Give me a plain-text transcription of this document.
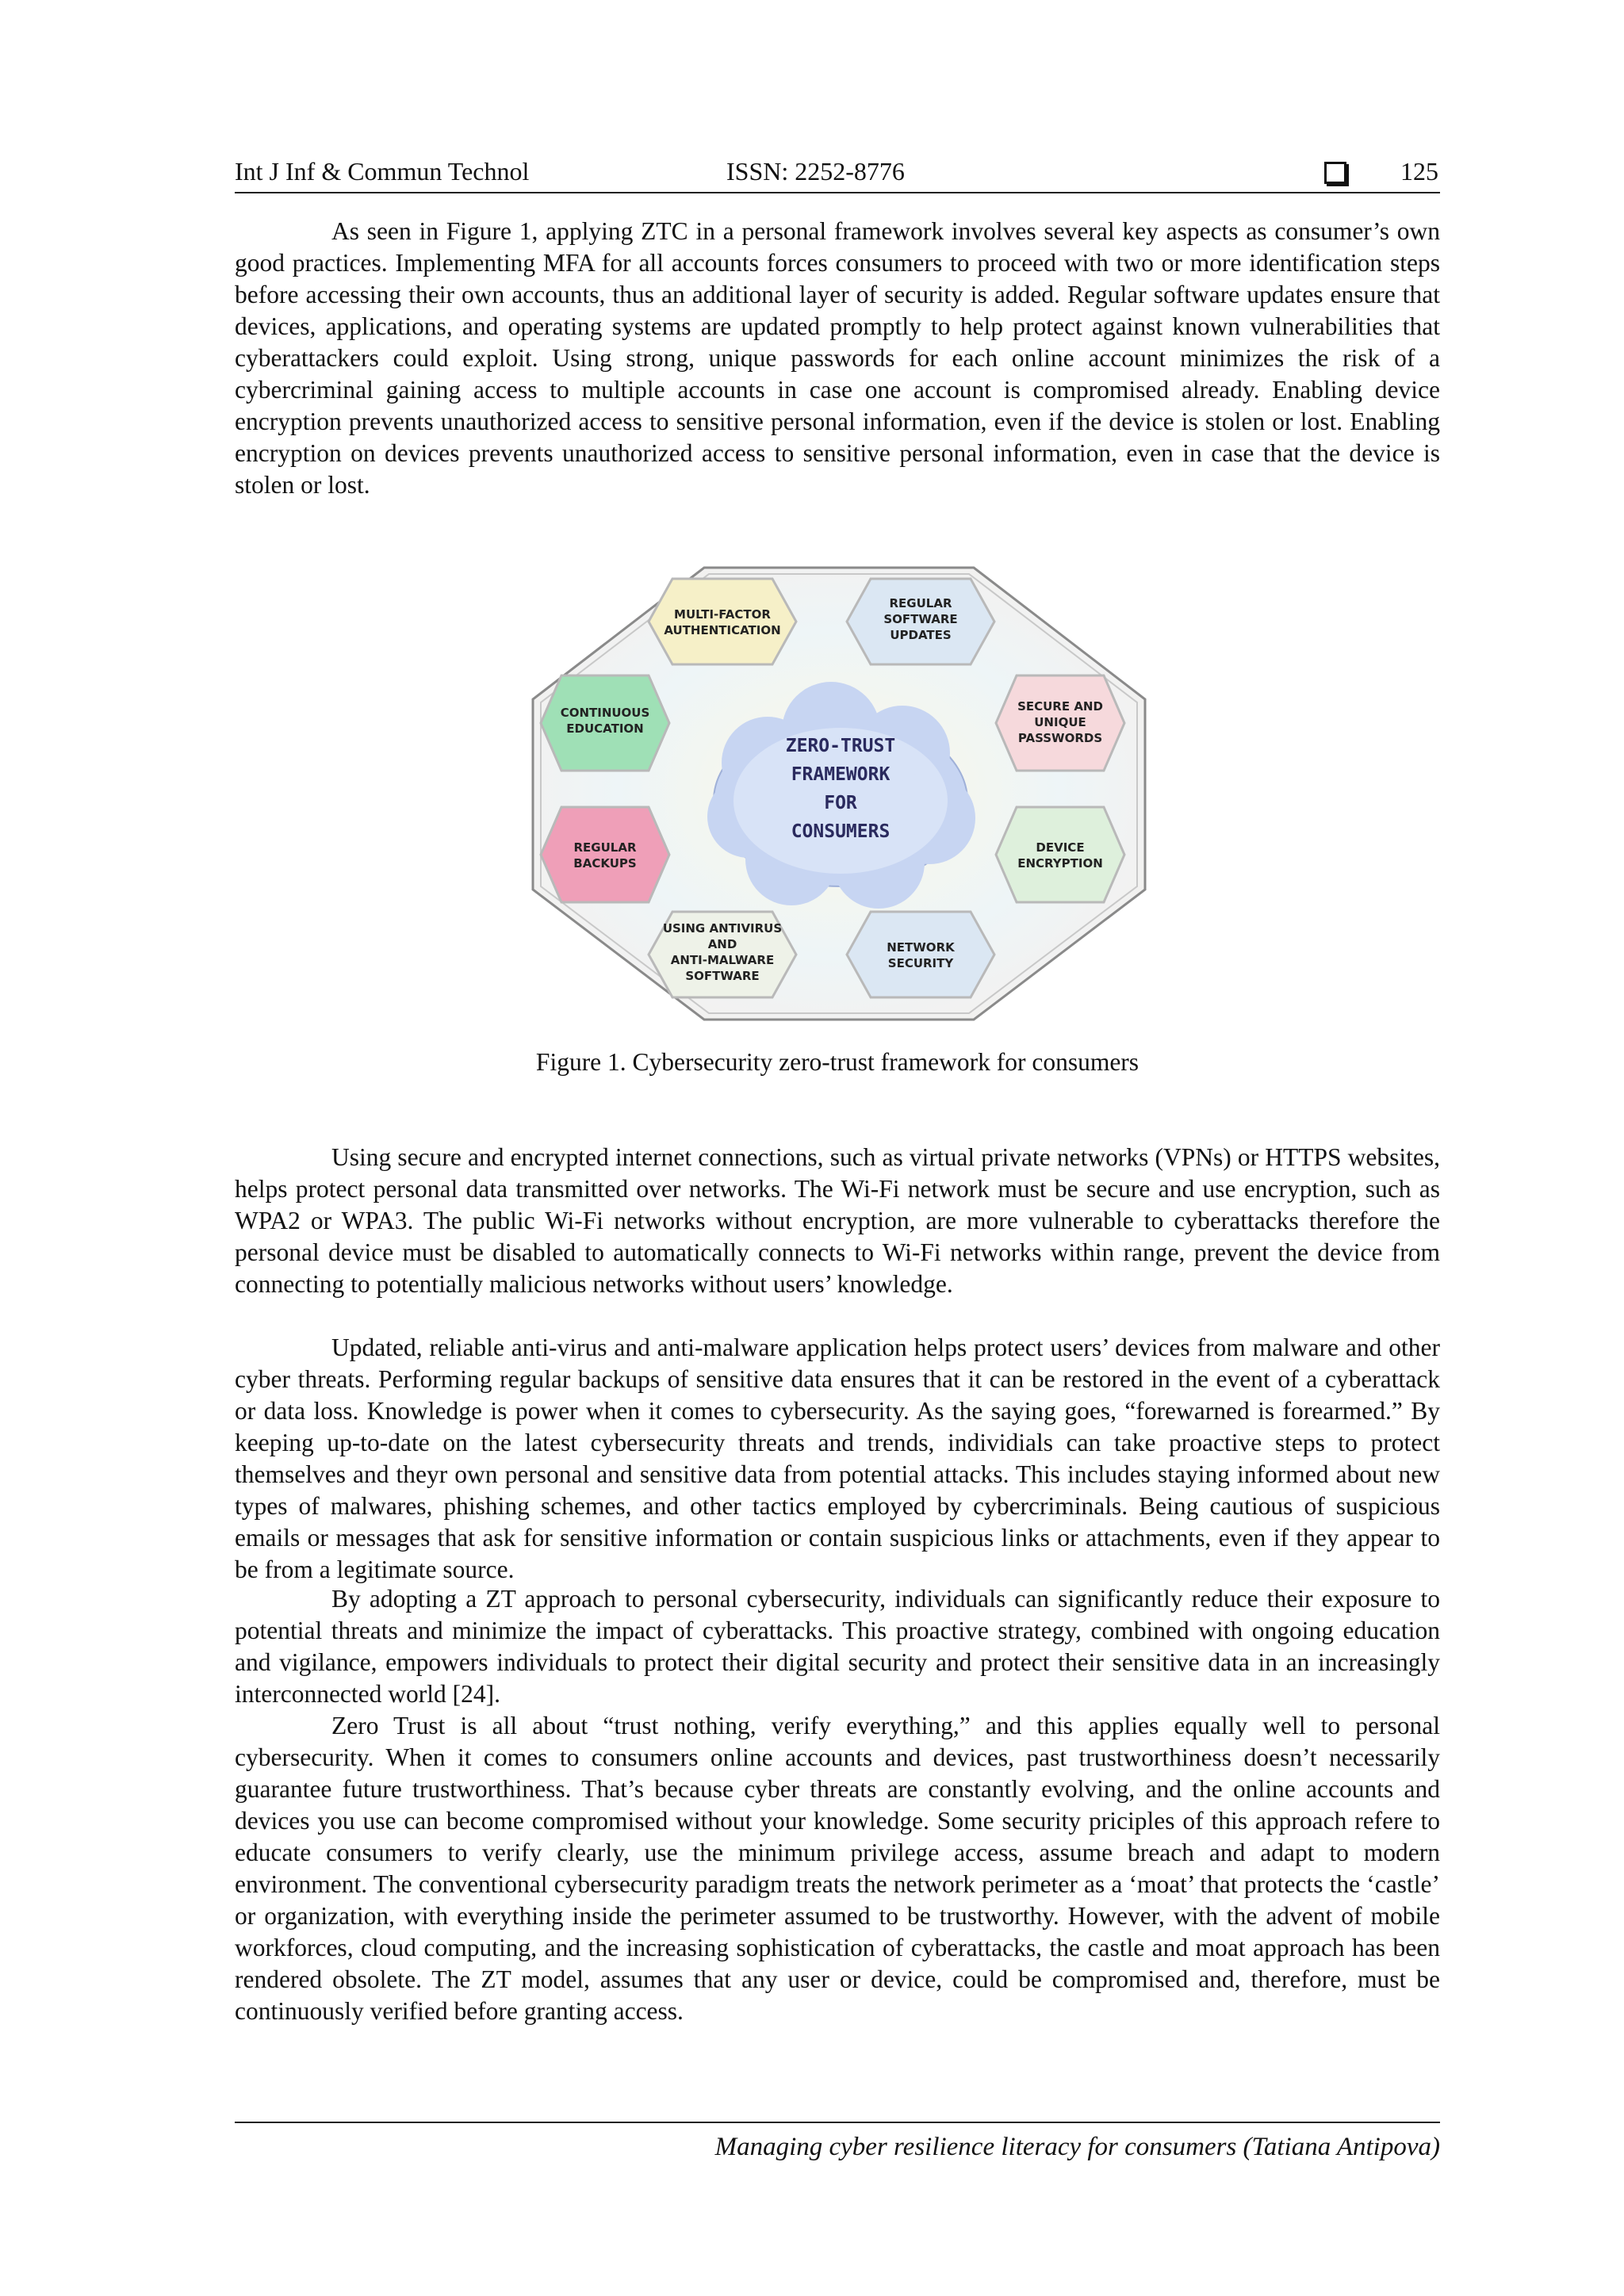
Int J Inf & Commun Technol	ISSN: 2252-8776	125

As seen in Figure 1, applying ZTC in a personal framework involves several key aspects as consumer’s own good practices. Implementing MFA for all accounts forces consumers to proceed with two or more identification steps before accessing their own accounts, thus an additional layer of security is added. Regular software updates ensure that devices, applications, and operating systems are updated promptly to help protect against known vulnerabilities that cyberattackers could exploit. Using strong, unique passwords for each online account minimizes the risk of a cybercriminal gaining access to multiple accounts in case one account is compromised already. Enabling device encryption prevents unauthorized access to sensitive personal information, even if the device is stolen or lost. Enabling encryption on devices prevents unauthorized access to sensitive personal information, even in case that the device is stolen or lost.

ZERO-TRUST
FRAMEWORK
FOR
CONSUMERS
MULTI-FACTOR
AUTHENTICATION
REGULAR
SOFTWARE
UPDATES
SECURE AND
UNIQUE
PASSWORDS
DEVICE
ENCRYPTION
NETWORK
SECURITY
USING ANTIVIRUS
AND
ANTI-MALWARE
SOFTWARE
REGULAR
BACKUPS
CONTINUOUS
EDUCATION
Figure 1. Cybersecurity zero-trust framework for consumers

Using secure and encrypted internet connections, such as virtual private networks (VPNs) or HTTPS websites, helps protect personal data transmitted over networks. The Wi-Fi network must be secure and use encryption, such as WPA2 or WPA3. The public Wi-Fi networks without encryption, are more vulnerable to cyberattacks therefore the personal device must be disabled to automatically connects to Wi-Fi networks within range, prevent the device from connecting to potentially malicious networks without users’ knowledge.

Updated, reliable anti-virus and anti-malware application helps protect users’ devices from malware and other cyber threats. Performing regular backups of sensitive data ensures that it can be restored in the event of a cyberattack or data loss. Knowledge is power when it comes to cybersecurity. As the saying goes, “forewarned is forearmed.” By keeping up-to-date on the latest cybersecurity threats and trends, individials can take proactive steps to protect themselves and theyr own personal and sensitive data from potential attacks. This includes staying informed about new types of malwares, phishing schemes, and other tactics employed by cybercriminals. Being cautious of suspicious emails or messages that ask for sensitive information or contain suspicious links or attachments, even if they appear to be from a legitimate source.

By adopting a ZT approach to personal cybersecurity, individuals can significantly reduce their exposure to potential threats and minimize the impact of cyberattacks. This proactive strategy, combined with ongoing education and vigilance, empowers individuals to protect their digital security and protect their sensitive data in an increasingly interconnected world [24].

Zero Trust is all about “trust nothing, verify everything,” and this applies equally well to personal cybersecurity. When it comes to consumers online accounts and devices, past trustworthiness doesn’t necessarily guarantee future trustworthiness. That’s because cyber threats are constantly evolving, and the online accounts and devices you use can become compromised without your knowledge. Some security priciples of this approach refere to educate consumers to verify clearly, use the minimum privilege access, assume breach and adapt to modern environment. The conventional cybersecurity paradigm treats the network perimeter as a ‘moat’ that protects the ‘castle’ or organization, with everything inside the perimeter assumed to be trustworthy. However, with the advent of mobile workforces, cloud computing, and the increasing sophistication of cyberattacks, the castle and moat approach has been rendered obsolete. The ZT model, assumes that any user or device, could be compromised and, therefore, must be continuously verified before granting access.

Managing cyber resilience literacy for consumers (Tatiana Antipova)
